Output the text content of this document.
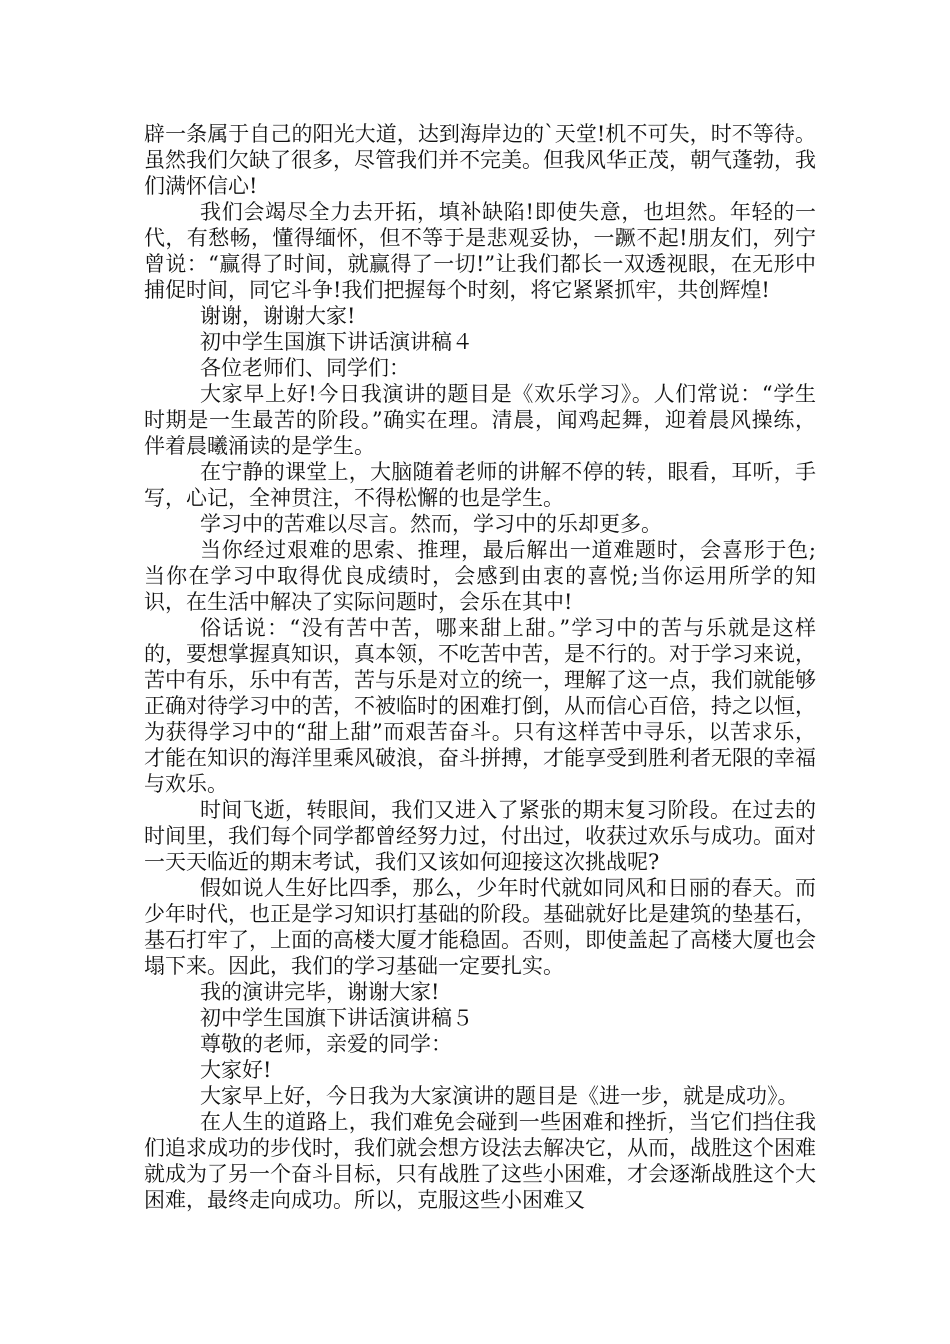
辟一条属于自己的阳光大道，达到海岸边的`天堂!机不可失，时不等待。虽然我们欠缺了很多，尽管我们并不完美。但我风华正茂，朝气蓬勃，我们满怀信心!

我们会竭尽全力去开拓，填补缺陷!即使失意，也坦然。年轻的一代，有愁畅，懂得缅怀，但不等于是悲观妥协，一蹶不起!朋友们，列宁曾说：“赢得了时间，就赢得了一切!”让我们都长一双透视眼，在无形中捕促时间，同它斗争!我们把握每个时刻，将它紧紧抓牢，共创辉煌!

谢谢，谢谢大家!

初中学生国旗下讲话演讲稿４

各位老师们、同学们：

大家早上好!今日我演讲的题目是《欢乐学习》。人们常说：“学生时期是一生最苦的阶段。”确实在理。清晨，闻鸡起舞，迎着晨风操练，伴着晨曦涌读的是学生。

在宁静的课堂上，大脑随着老师的讲解不停的转，眼看，耳听，手写，心记，全神贯注，不得松懈的也是学生。

学习中的苦难以尽言。然而，学习中的乐却更多。

当你经过艰难的思索、推理，最后解出一道难题时，会喜形于色;当你在学习中取得优良成绩时，会感到由衷的喜悦;当你运用所学的知识，在生活中解决了实际问题时，会乐在其中!

俗话说：“没有苦中苦，哪来甜上甜。”学习中的苦与乐就是这样的，要想掌握真知识，真本领，不吃苦中苦，是不行的。对于学习来说，苦中有乐，乐中有苦，苦与乐是对立的统一，理解了这一点，我们就能够正确对待学习中的苦，不被临时的困难打倒，从而信心百倍，持之以恒，为获得学习中的“甜上甜”而艰苦奋斗。只有这样苦中寻乐，以苦求乐，才能在知识的海洋里乘风破浪，奋斗拼搏，才能享受到胜利者无限的幸福与欢乐。

时间飞逝，转眼间，我们又进入了紧张的期末复习阶段。在过去的时间里，我们每个同学都曾经努力过，付出过，收获过欢乐与成功。面对一天天临近的期末考试，我们又该如何迎接这次挑战呢?

假如说人生好比四季，那么，少年时代就如同风和日丽的春天。而少年时代，也正是学习知识打基础的阶段。基础就好比是建筑的垫基石，基石打牢了，上面的高楼大厦才能稳固。否则，即使盖起了高楼大厦也会塌下来。因此，我们的学习基础一定要扎实。

我的演讲完毕，谢谢大家!

初中学生国旗下讲话演讲稿５

尊敬的老师，亲爱的同学：

大家好!

大家早上好，今日我为大家演讲的题目是《进一步，就是成功》。

在人生的道路上，我们难免会碰到一些困难和挫折，当它们挡住我们追求成功的步伐时，我们就会想方设法去解决它，从而，战胜这个困难就成为了另一个奋斗目标，只有战胜了这些小困难，才会逐渐战胜这个大困难，最终走向成功。所以，克服这些小困难又
